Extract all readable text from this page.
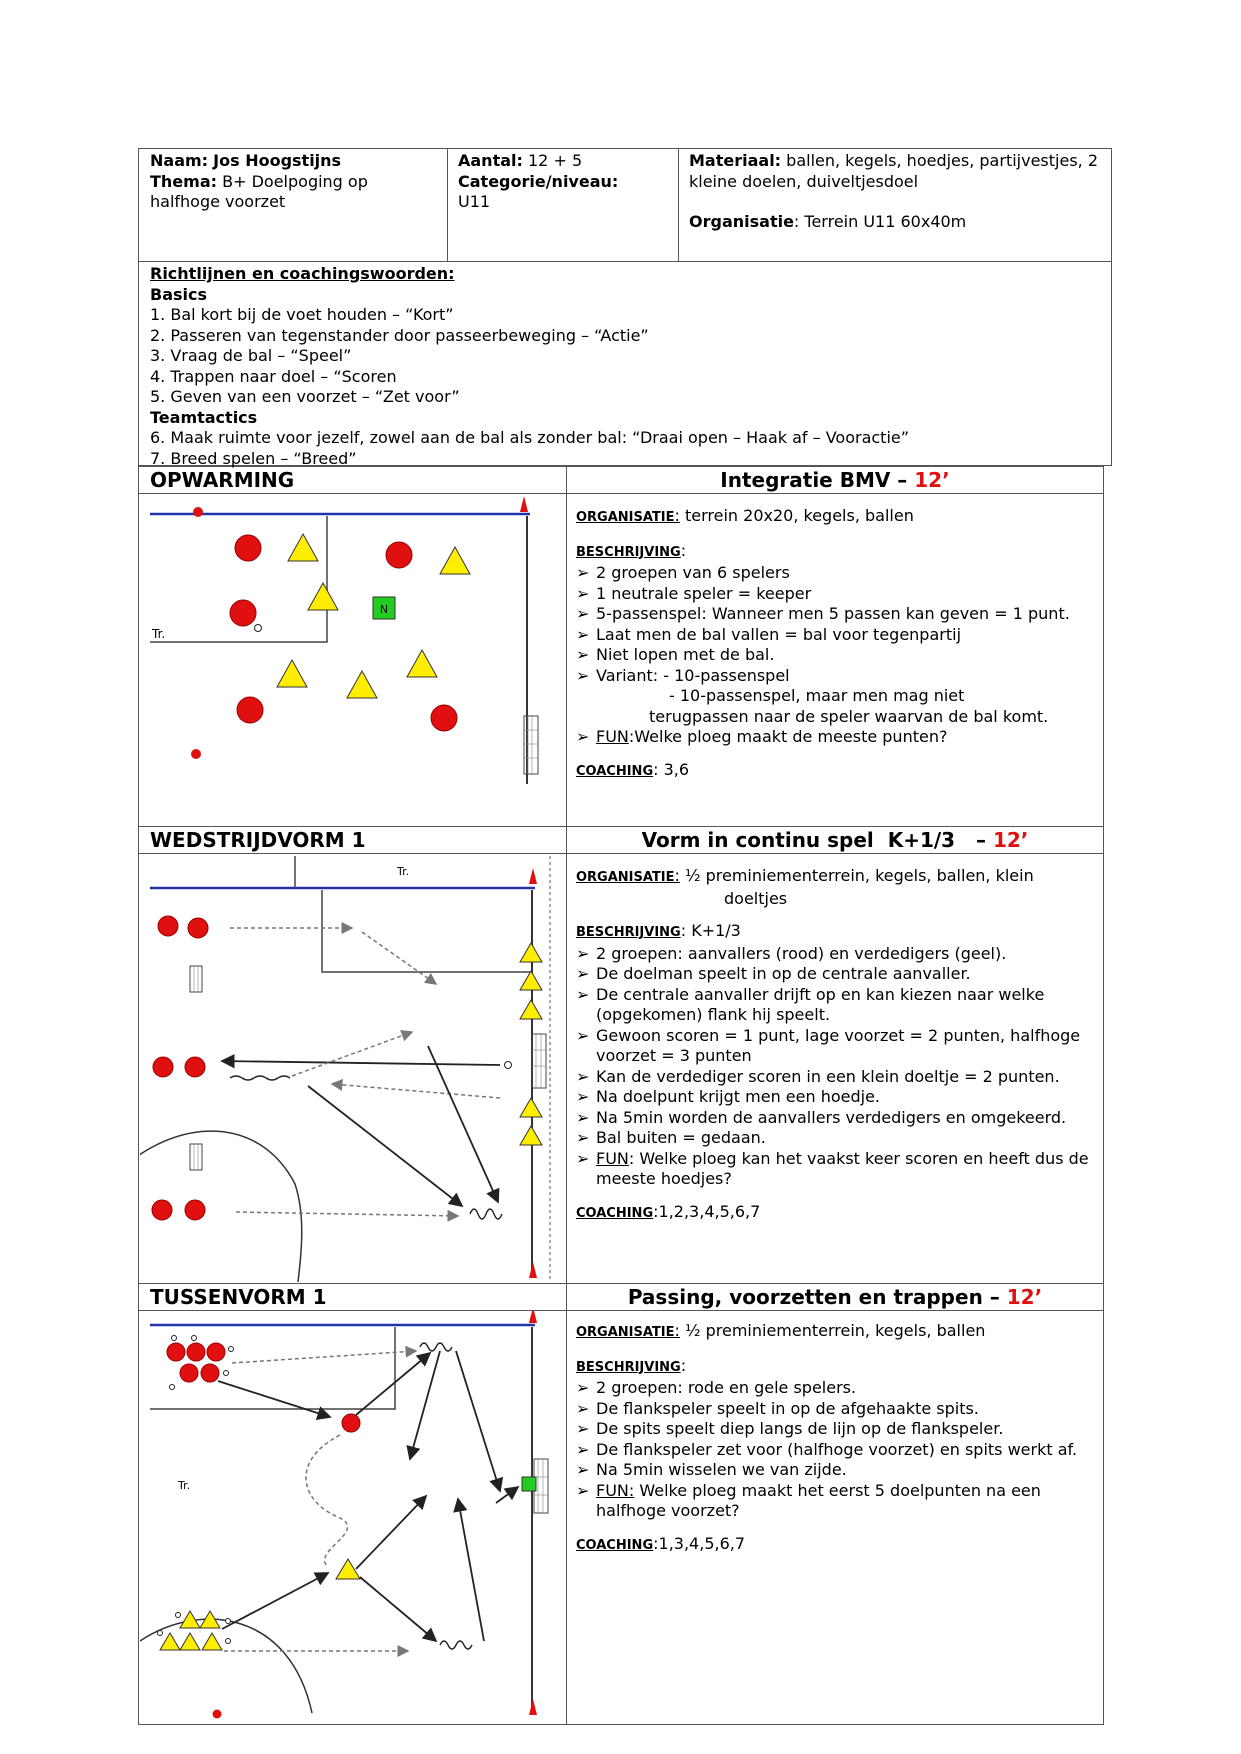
Naam: Jos Hoogstijns
Thema: B+ Doelpoging op halfhoge voorzet
Aantal: 12 + 5
Categorie/niveau:
U11
Materiaal: ballen, kegels, hoedjes, partijvestjes, 2 kleine doelen, duiveltjesdoel

Organisatie: Terrein U11 60x40m
Richtlijnen en coachingswoorden:
Basics
1. Bal kort bij de voet houden – “Kort”
2. Passeren van tegenstander door passeerbeweging – “Actie”
3. Vraag de bal – “Speel”
4. Trappen naar doel – “Scoren
5. Geven van een voorzet – “Zet voor”
Teamtactics
6. Maak ruimte voor jezelf, zowel aan de bal als zonder bal: “Draai open – Haak af – Vooractie”
7. Breed spelen – “Breed”
OPWARMING	Integratie BMV – 12’
ORGANISATIE: terrein 20x20, kegels, ballen
BESCHRIJVING:

➢ 2 groepen van 6 spelers

➢ 1 neutrale speler = keeper

➢ 5-passenspel: Wanneer men 5 passen kan geven = 1 punt.

➢ Laat men de bal vallen = bal voor tegenpartij

➢ Niet lopen met de bal.

➢ Variant: - 10-passenspel

- 10-passenspel, maar men mag niet
terugpassen naar de speler waarvan de bal komt.

➢ FUN:Welke ploeg maakt de meeste punten?

COACHING: 3,6
Tr.
N
WEDSTRIJDVORM 1	Vorm in continu spel  K+1/3   – 12’
ORGANISATIE: ½ preminiementerrein, kegels, ballen, klein doeltjes
BESCHRIJVING: K+1/3

➢ 2 groepen: aanvallers (rood) en verdedigers (geel).

➢ De doelman speelt in op de centrale aanvaller.

➢ De centrale aanvaller drijft op en kan kiezen naar welke (opgekomen) flank hij speelt.

➢ Gewoon scoren = 1 punt, lage voorzet = 2 punten, halfhoge voorzet = 3 punten

➢ Kan de verdediger scoren in een klein doeltje = 2 punten.

➢ Na doelpunt krijgt men een hoedje.

➢ Na 5min worden de aanvallers verdedigers en omgekeerd.

➢ Bal buiten = gedaan.

➢ FUN: Welke ploeg kan het vaakst keer scoren en heeft dus de meeste hoedjes?

COACHING:1,2,3,4,5,6,7
Tr.
TUSSENVORM 1	Passing, voorzetten en trappen – 12’
ORGANISATIE: ½ preminiementerrein, kegels, ballen
BESCHRIJVING:

➢ 2 groepen: rode en gele spelers.

➢ De flankspeler speelt in op de afgehaakte spits.

➢ De spits speelt diep langs de lijn op de flankspeler.

➢ De flankspeler zet voor (halfhoge voorzet) en spits werkt af.

➢ Na 5min wisselen we van zijde.

➢ FUN: Welke ploeg maakt het eerst 5 doelpunten na een halfhoge voorzet?

COACHING:1,3,4,5,6,7
Tr.
